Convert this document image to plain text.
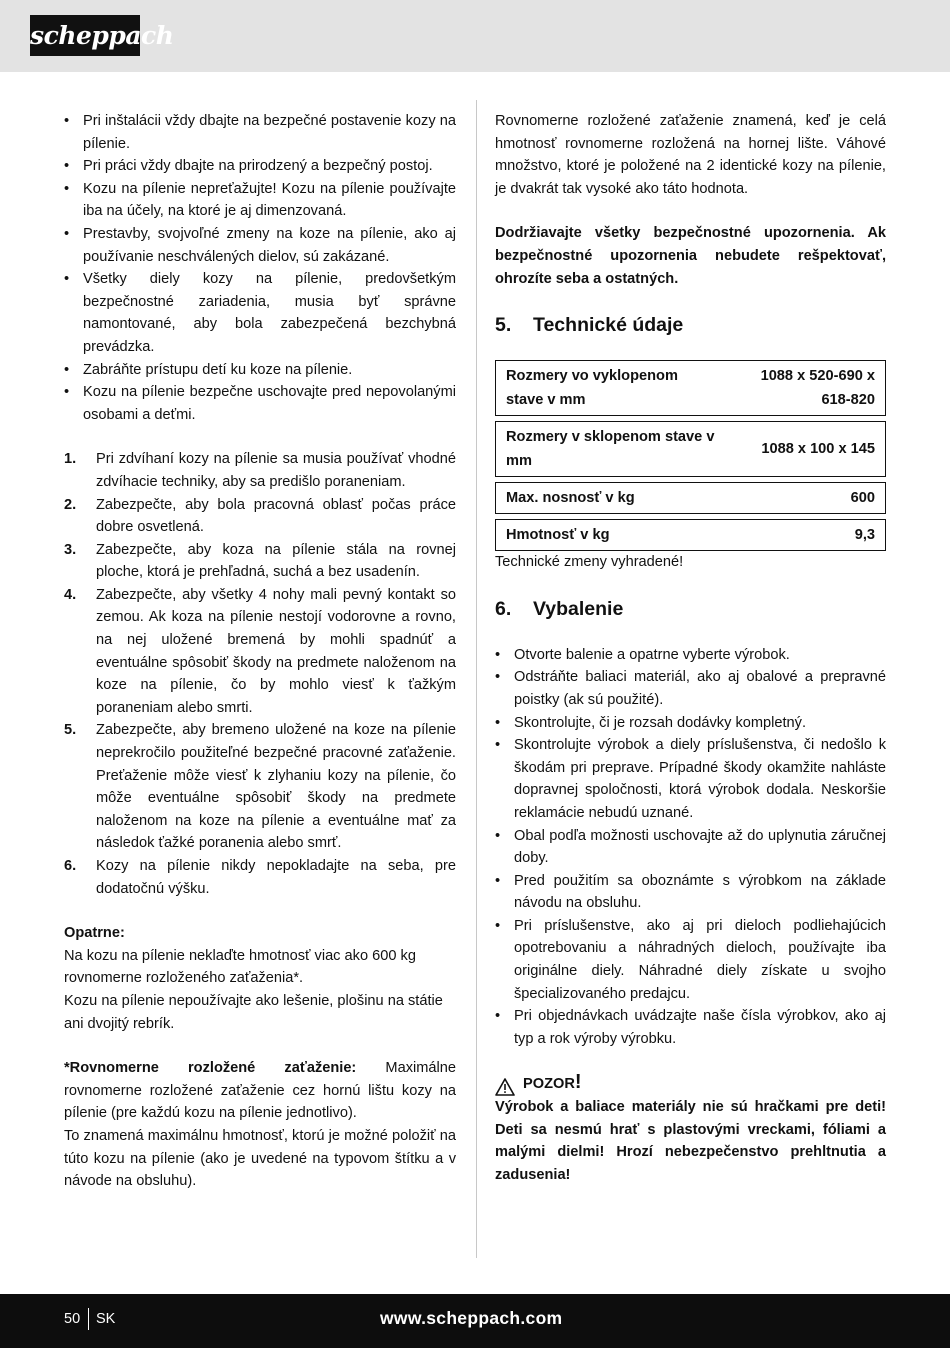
scheppach
• Pri inštalácii vždy dbajte na bezpečné postavenie kozy na pílenie.
• Pri práci vždy dbajte na prirodzený a bezpečný postoj.
• Kozu na pílenie nepreťažujte! Kozu na pílenie používajte iba na účely, na ktoré je aj dimenzovaná.
• Prestavby, svojvoľné zmeny na koze na pílenie, ako aj používanie neschválených dielov, sú zakázané.
• Všetky diely kozy na pílenie, predovšetkým bezpečnostné zariadenia, musia byť správne namontované, aby bola zabezpečená bezchybná prevádzka.
• Zabráňte prístupu detí ku koze na pílenie.
• Kozu na pílenie bezpečne uschovajte pred nepovolanými osobami a deťmi.
1. Pri zdvíhaní kozy na pílenie sa musia používať vhodné zdvíhacie techniky, aby sa predišlo poraneniam.
2. Zabezpečte, aby bola pracovná oblasť počas práce dobre osvetlená.
3. Zabezpečte, aby koza na pílenie stála na rovnej ploche, ktorá je prehľadná, suchá a bez usadenín.
4. Zabezpečte, aby všetky 4 nohy mali pevný kontakt so zemou. Ak koza na pílenie nestojí vodorovne a rovno, na nej uložené bremená by mohli spadnúť a eventuálne spôsobiť škody na predmete naloženom na koze na pílenie, čo by mohlo viesť k ťažkým poraneniam alebo smrti.
5. Zabezpečte, aby bremeno uložené na koze na pílenie neprekročilo použiteľné bezpečné pracovné zaťaženie. Preťaženie môže viesť k zlyhaniu kozy na pílenie, čo môže eventuálne spôsobiť škody na predmete naloženom na koze na pílenie a eventuálne mať za následok ťažké poranenia alebo smrť.
6. Kozy na pílenie nikdy nepokladajte na seba, pre dodatočnú výšku.
Opatrne:

Na kozu na pílenie neklaďte hmotnosť viac ako 600 kg rovnomerne rozloženého zaťaženia*.

Kozu na pílenie nepoužívajte ako lešenie, plošinu na státie ani dvojitý rebrík.

*Rovnomerne rozložené zaťaženie: Maximálne rovnomerne rozložené zaťaženie cez hornú lištu kozy na pílenie (pre každú kozu na pílenie jednotlivo).

To znamená maximálnu hmotnosť, ktorú je možné položiť na túto kozu na pílenie (ako je uvedené na typovom štítku a v návode na obsluhu).

Rovnomerne rozložené zaťaženie znamená, keď je celá hmotnosť rovnomerne rozložená na hornej lište. Váhové množstvo, ktoré je položené na 2 identické kozy na pílenie, je dvakrát tak vysoké ako táto hodnota.

Dodržiavajte všetky bezpečnostné upozornenia. Ak bezpečnostné upozornenia nebudete rešpektovať, ohrozíte seba a ostatných.

5. Technické údaje
Rozmery vo vyklopenom stave v mm	1088 x 520-690 x 618-820

Rozmery v sklopenom stave v mm	1088 x 100 x 145

Max. nosnosť v kg	600

Hmotnosť v kg	9,3

Technické zmeny vyhradené!

6. Vybalenie
• Otvorte balenie a opatrne vyberte výrobok.
• Odstráňte baliaci materiál, ako aj obalové a prepravné poistky (ak sú použité).
• Skontrolujte, či je rozsah dodávky kompletný.
• Skontrolujte výrobok a diely príslušenstva, či nedošlo k škodám pri preprave. Prípadné škody okamžite nahláste dopravnej spoločnosti, ktorá výrobok dodala. Neskoršie reklamácie nebudú uznané.
• Obal podľa možnosti uschovajte až do uplynutia záručnej doby.
• Pred použitím sa oboznámte s výrobkom na základe návodu na obsluhu.
• Pri príslušenstve, ako aj pri dieloch podliehajúcich opotrebovaniu a náhradných dieloch, používajte iba originálne diely. Náhradné diely získate u svojho špecializovaného predajcu.
• Pri objednávkach uvádzajte naše čísla výrobkov, ako aj typ a rok výroby výrobku.
POZOR!

Výrobok a baliace materiály nie sú hračkami pre deti! Deti sa nesmú hrať s plastovými vreckami, fóliami a malými dielmi! Hrozí nebezpečenstvo prehltnutia a zadusenia!

50 SK	www.scheppach.com
